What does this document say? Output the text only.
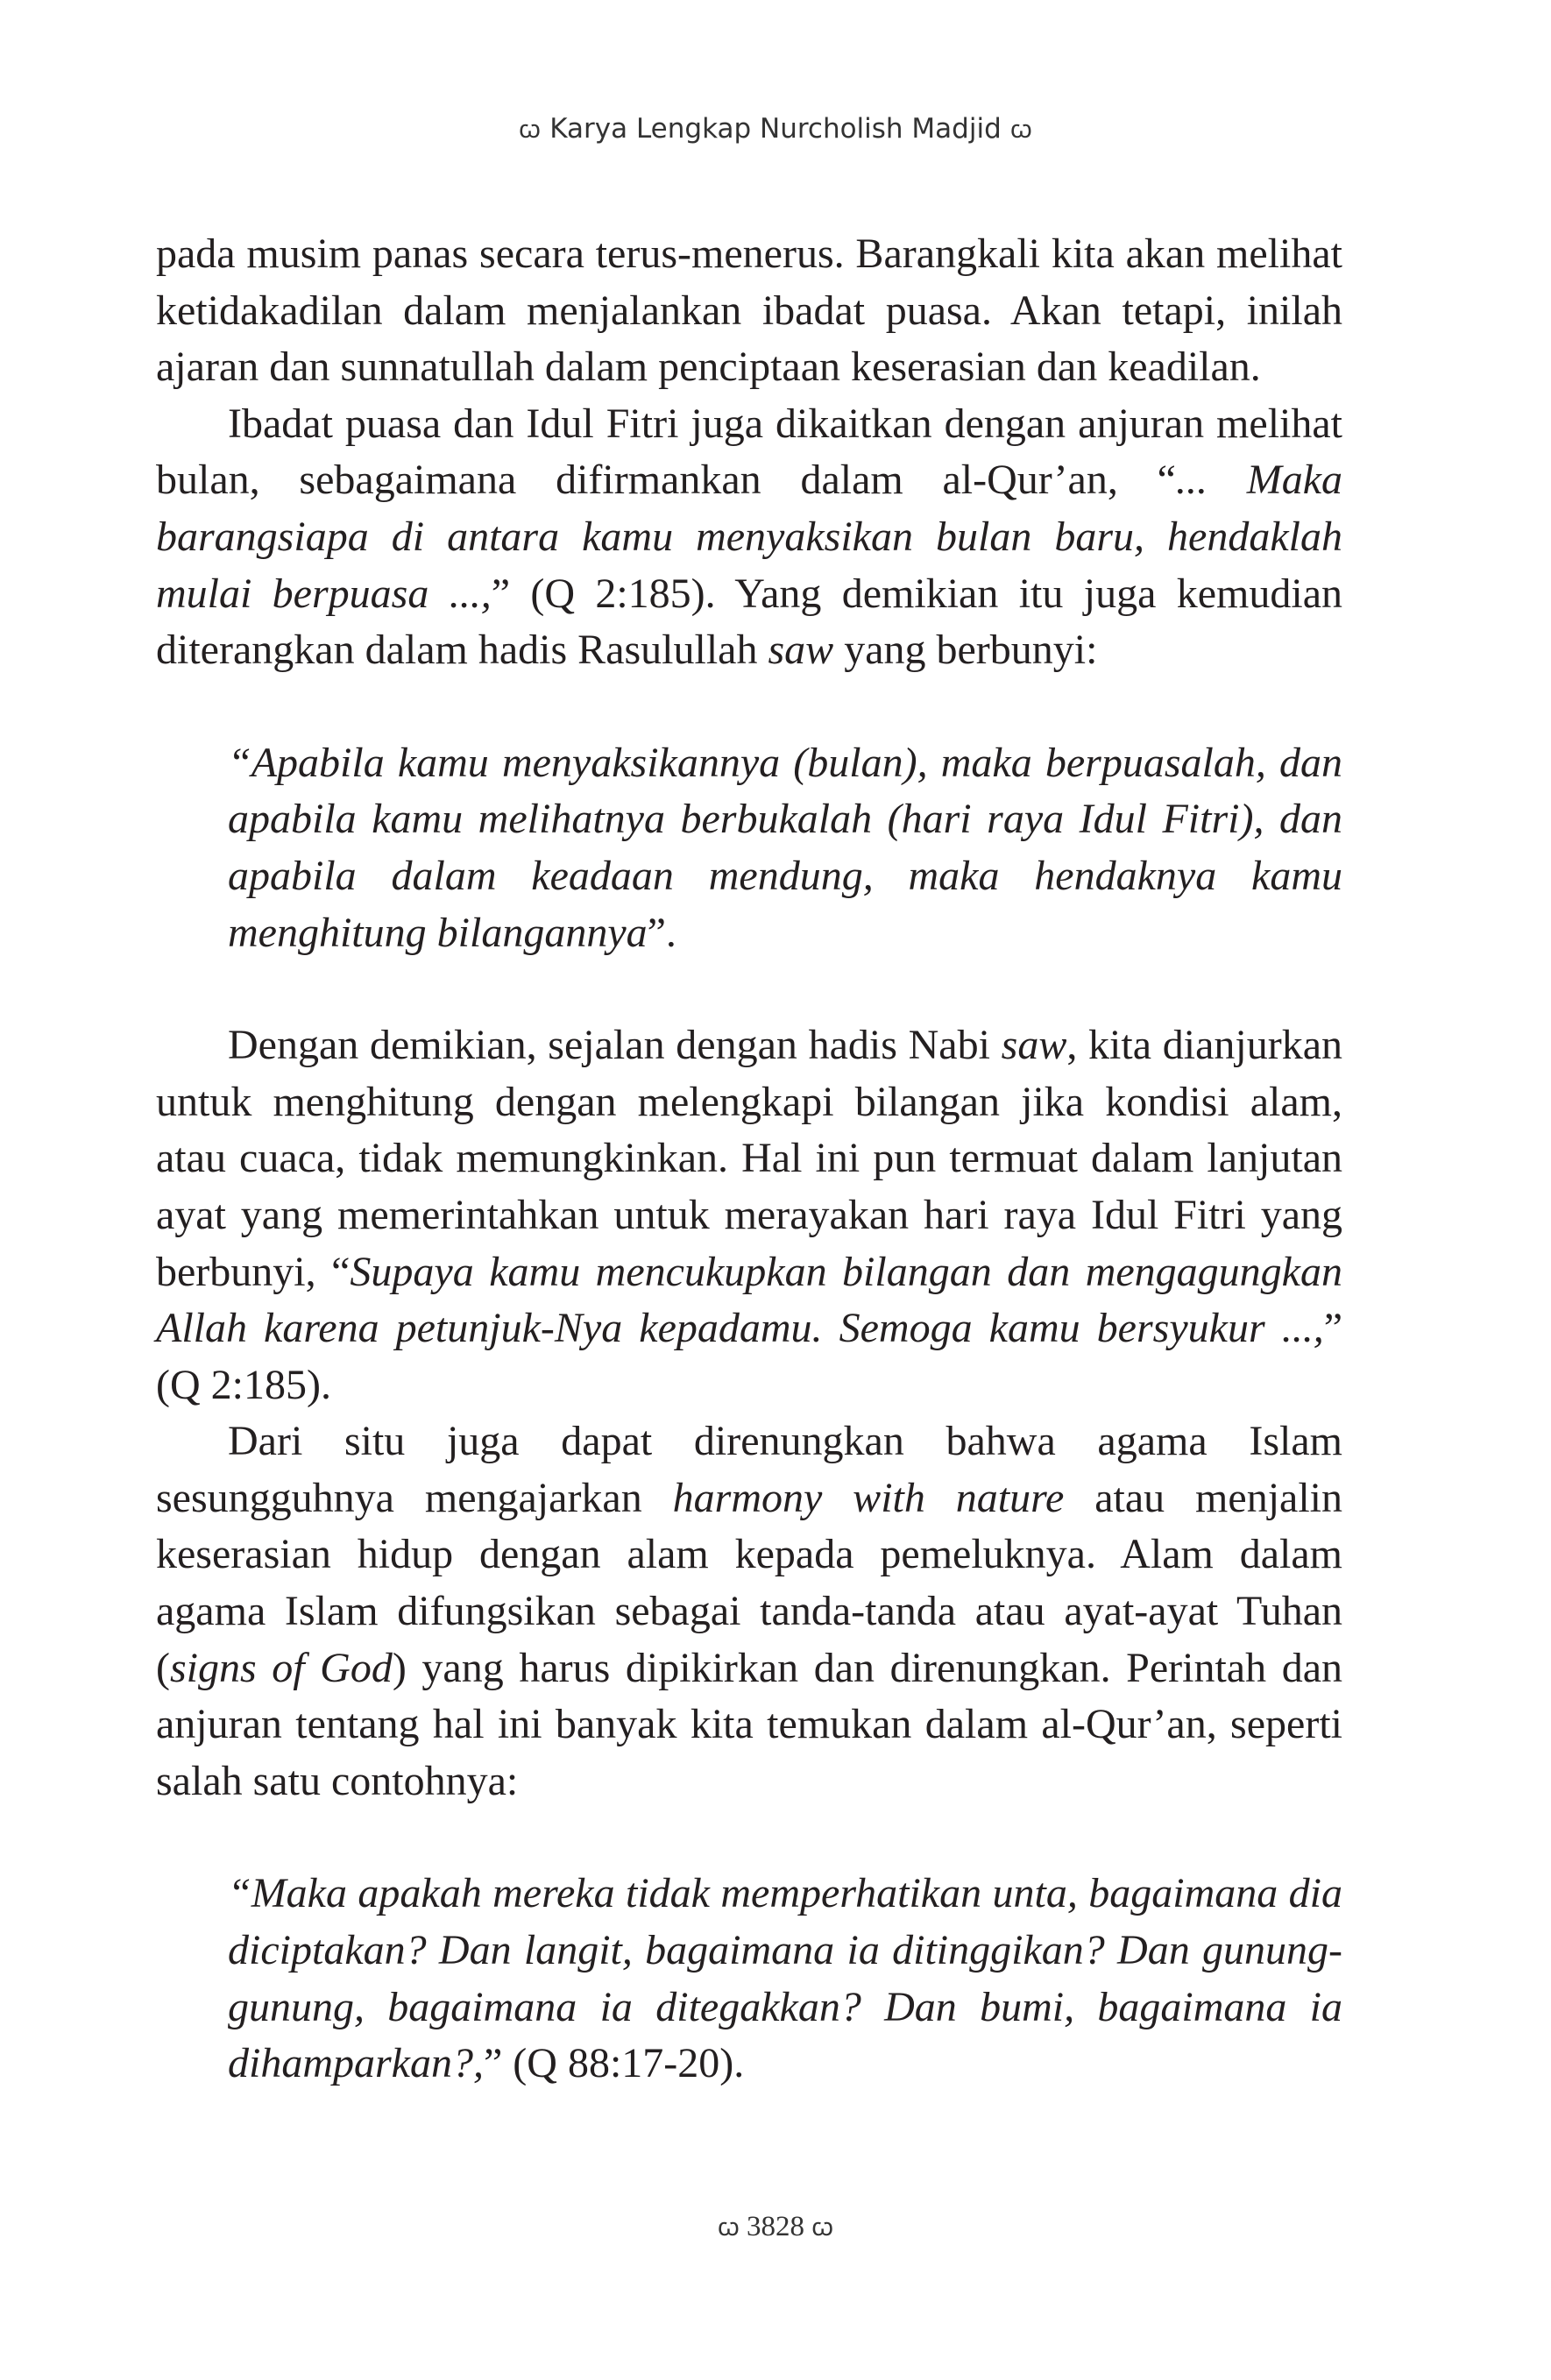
ꞷ Karya Lengkap Nurcholish Madjid ꞷ

pada musim panas secara terus-menerus. Barangkali kita akan melihat ketidakadilan dalam menjalankan ibadat puasa. Akan tetapi, inilah ajaran dan sunnatullah dalam penciptaan keserasian dan keadilan.

Ibadat puasa dan Idul Fitri juga dikaitkan dengan anjuran melihat bulan, sebagaimana difirmankan dalam al-Qur’an, “... Maka barangsiapa di antara kamu menyaksikan bulan baru, hendaklah mulai berpuasa ...,” (Q 2:185). Yang demikian itu juga kemudian diterangkan dalam hadis Rasulullah saw yang berbunyi:

“Apabila kamu menyaksikannya (bulan), maka berpuasalah, dan apabila kamu melihatnya berbukalah (hari raya Idul Fitri), dan apabila dalam keadaan mendung, maka hendaknya kamu menghitung bilangannya”.

Dengan demikian, sejalan dengan hadis Nabi saw, kita dianjurkan untuk menghitung dengan melengkapi bilangan jika kondisi alam, atau cuaca, tidak memungkinkan. Hal ini pun termuat dalam lanjutan ayat yang memerintahkan untuk merayakan hari raya Idul Fitri yang berbunyi, “Supaya kamu mencukupkan bilangan dan mengagungkan Allah karena petunjuk-Nya kepadamu. Semoga kamu bersyukur ...,” (Q 2:185).

Dari situ juga dapat direnungkan bahwa agama Islam sesungguhnya mengajarkan harmony with nature atau menjalin keserasian hidup dengan alam kepada pemeluknya. Alam dalam agama Islam difungsikan sebagai tanda-tanda atau ayat-ayat Tuhan (signs of God) yang harus dipikirkan dan direnungkan. Perintah dan anjuran tentang hal ini banyak kita temukan dalam al-Qur’an, seperti salah satu contohnya:

“Maka apakah mereka tidak memperhatikan unta, bagaimana dia diciptakan? Dan langit, bagaimana ia ditinggikan? Dan gunung-gunung, bagaimana ia ditegakkan? Dan bumi, bagaimana ia dihamparkan?,” (Q 88:17-20).
ꞷ 3828 ꞷ
